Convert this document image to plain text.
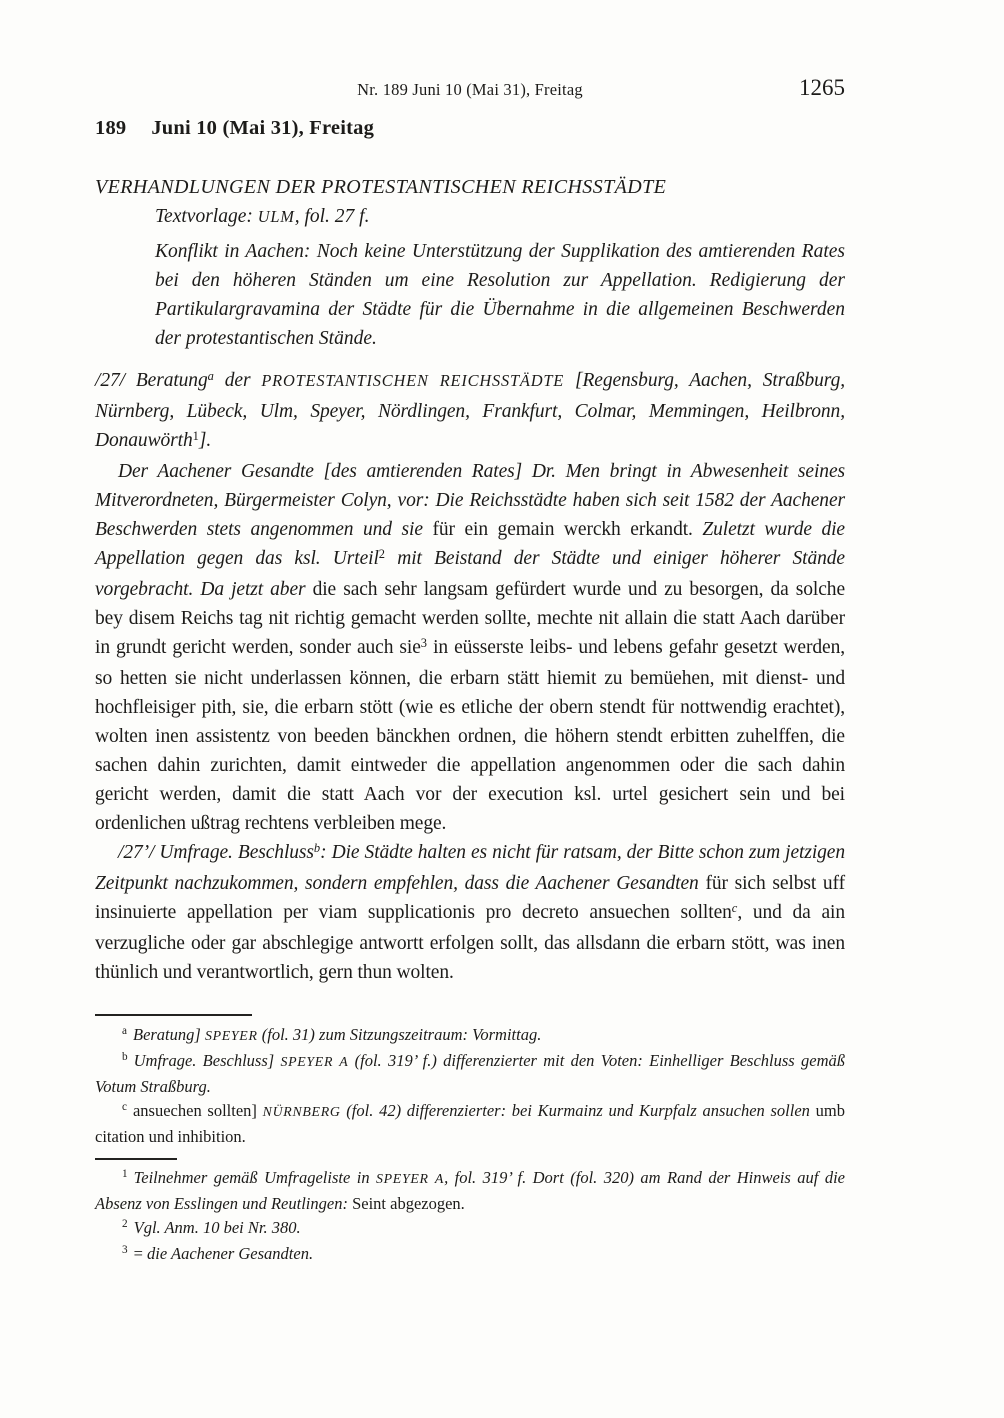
Nr. 189 Juni 10 (Mai 31), Freitag	1265
189 Juni 10 (Mai 31), Freitag
VERHANDLUNGEN DER PROTESTANTISCHEN REICHSSTÄDTE
Textvorlage: ULM, fol. 27 f.
Konflikt in Aachen: Noch keine Unterstützung der Supplikation des amtierenden Rates bei den höheren Ständen um eine Resolution zur Appellation. Redigierung der Partikulargravamina der Städte für die Übernahme in die allgemeinen Beschwerden der protestantischen Stände.

/27/ Beratung$^a$ der PROTESTANTISCHEN REICHSSTÄDTE [Regensburg, Aachen, Straßburg, Nürnberg, Lübeck, Ulm, Speyer, Nördlingen, Frankfurt, Colmar, Memmingen, Heilbronn, Donauwörth$^1$].

Der Aachener Gesandte [des amtierenden Rates] Dr. Men bringt in Abwesenheit seines Mitverordneten, Bürgermeister Colyn, vor: Die Reichsstädte haben sich seit 1582 der Aachener Beschwerden stets angenommen und sie für ein gemain werckh erkandt. Zuletzt wurde die Appellation gegen das ksl. Urteil$^2$ mit Beistand der Städte und einiger höherer Stände vorgebracht. Da jetzt aber die sach sehr langsam gefürdert wurde und zu besorgen, da solche bey disem Reichs tag nit richtig gemacht werden sollte, mechte nit allain die statt Aach darüber in grundt gericht werden, sonder auch sie$^3$ in eüsserste leibs- und lebens gefahr gesetzt werden, so hetten sie nicht underlassen können, die erbarn stätt hiemit zu bemüehen, mit dienst- und hochfleisiger pith, sie, die erbarn stött (wie es etliche der obern stendt für nottwendig erachtet), wolten inen assistentz von beeden bänckhen ordnen, die höhern stendt erbitten zuhelffen, die sachen dahin zurichten, damit eintweder die appellation angenommen oder die sach dahin gericht werden, damit die statt Aach vor der execution ksl. urtel gesichert sein und bei ordenlichen ußtrag rechtens verbleiben mege.

/27’/ Umfrage. Beschluss$^b$: Die Städte halten es nicht für ratsam, der Bitte schon zum jetzigen Zeitpunkt nachzukommen, sondern empfehlen, dass die Aachener Gesandten für sich selbst uff insinuierte appellation per viam supplicationis pro decreto ansuechen sollten$^c$, und da ain verzugliche oder gar abschlegige antwortt erfolgen sollt, das allsdann die erbarn stött, was inen thünlich und verantwortlich, gern thun wolten.

$^a$ Beratung] SPEYER (fol. 31) zum Sitzungszeitraum: Vormittag.

$^b$ Umfrage. Beschluss] SPEYER A (fol. 319’ f.) differenzierter mit den Voten: Einhelliger Beschluss gemäß Votum Straßburg.

$^c$ ansuechen sollten] NÜRNBERG (fol. 42) differenzierter: bei Kurmainz und Kurpfalz ansuchen sollen umb citation und inhibition.

$^1$ Teilnehmer gemäß Umfrageliste in SPEYER A, fol. 319’ f. Dort (fol. 320) am Rand der Hinweis auf die Absenz von Esslingen und Reutlingen: Seint abgezogen.

$^2$ Vgl. Anm. 10 bei Nr. 380.

$^3$ = die Aachener Gesandten.
